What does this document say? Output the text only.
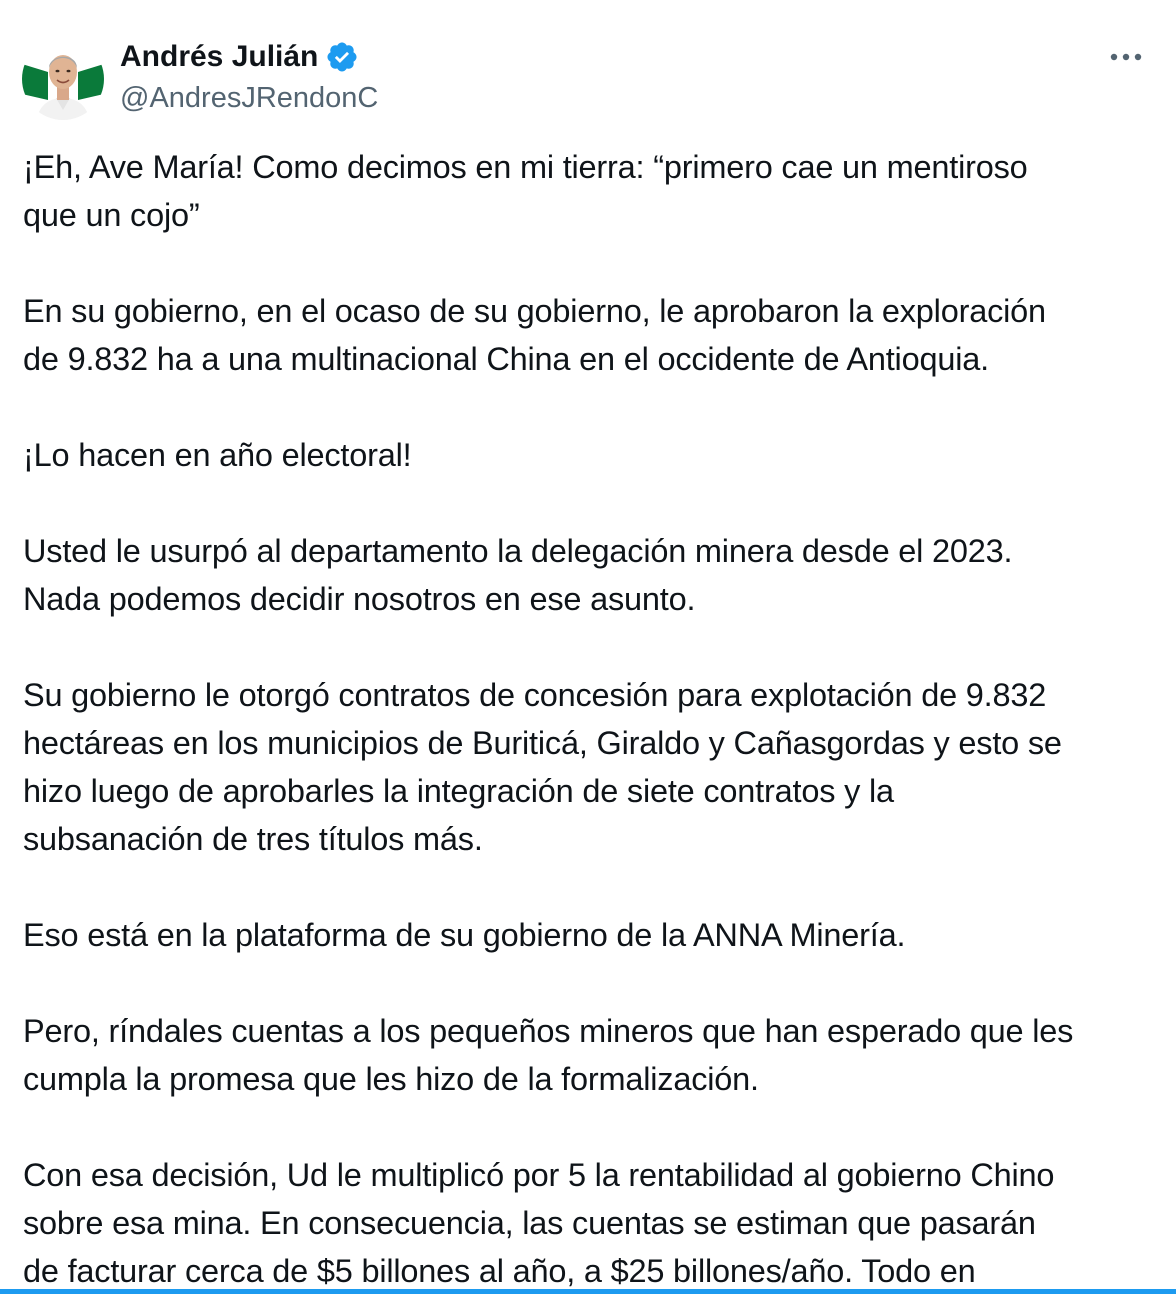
Andrés Julián
@AndresJRendonC

¡Eh, Ave María! Como decimos en mi tierra: “primero cae un mentiroso
que un cojo”

En su gobierno, en el ocaso de su gobierno, le aprobaron la exploración
de 9.832 ha a una multinacional China en el occidente de Antioquia.

¡Lo hacen en año electoral!

Usted le usurpó al departamento la delegación minera desde el 2023.
Nada podemos decidir nosotros en ese asunto.

Su gobierno le otorgó contratos de concesión para explotación de 9.832
hectáreas en los municipios de Buriticá, Giraldo y Cañasgordas y esto se
hizo luego de aprobarles la integración de siete contratos y la
subsanación de tres títulos más.

Eso está en la plataforma de su gobierno de la ANNA Minería.

Pero, ríndales cuentas a los pequeños mineros que han esperado que les
cumpla la promesa que les hizo de la formalización.

Con esa decisión, Ud le multiplicó por 5 la rentabilidad al gobierno Chino
sobre esa mina. En consecuencia, las cuentas se estiman que pasarán
de facturar cerca de $5 billones al año, a $25 billones/año. Todo en
